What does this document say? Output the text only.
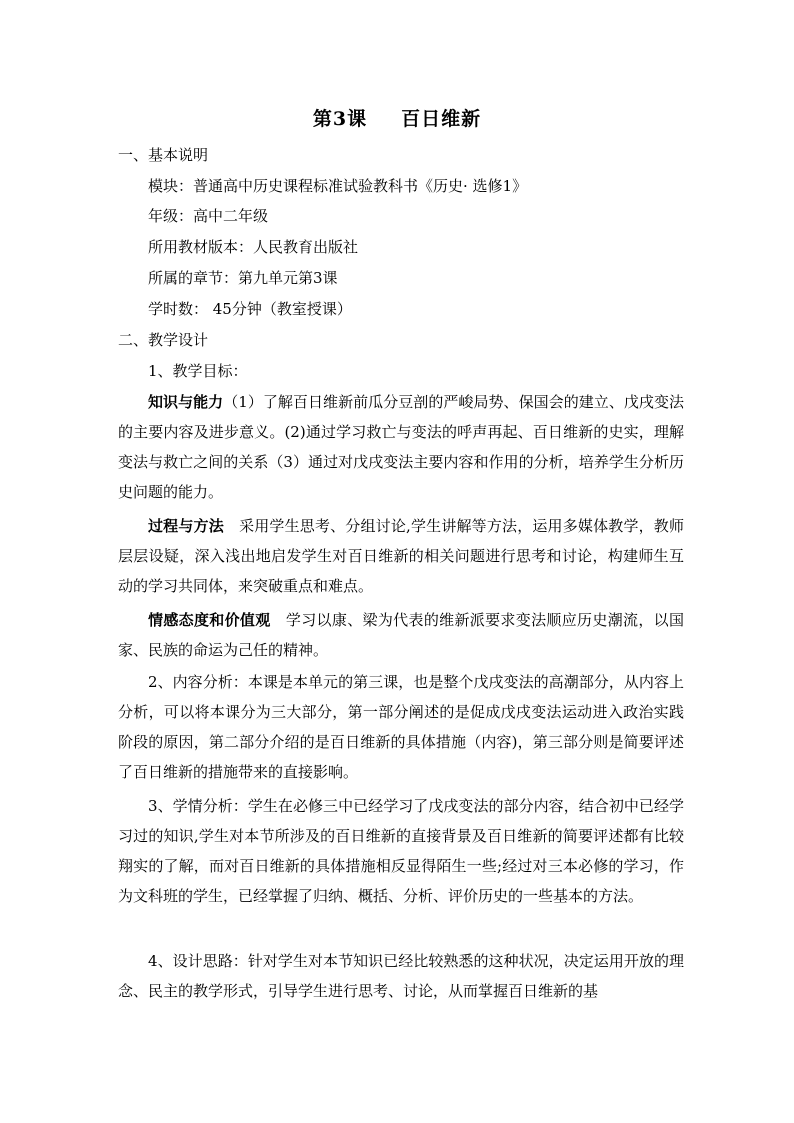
第3课 百日维新
一、基本说明
模块：普通高中历史课程标准试验教科书《历史· 选修1》
年级：高中二年级
所用教材版本：人民教育出版社
所属的章节：第九单元第3课
学时数： 45分钟（教室授课）
二、教学设计
1、教学目标：

知识与能力（1）了解百日维新前瓜分豆剖的严峻局势、保国会的建立、戊戌变法的主要内容及进步意义。(2)通过学习救亡与变法的呼声再起、百日维新的史实，理解变法与救亡之间的关系（3）通过对戊戌变法主要内容和作用的分析，培养学生分析历史问题的能力。

过程与方法　采用学生思考、分组讨论,学生讲解等方法，运用多媒体教学，教师层层设疑，深入浅出地启发学生对百日维新的相关问题进行思考和讨论，构建师生互动的学习共同体，来突破重点和难点。

情感态度和价值观　学习以康、梁为代表的维新派要求变法顺应历史潮流，以国家、民族的命运为己任的精神。

2、内容分析：本课是本单元的第三课，也是整个戊戌变法的高潮部分，从内容上分析，可以将本课分为三大部分，第一部分阐述的是促成戊戌变法运动进入政治实践阶段的原因，第二部分介绍的是百日维新的具体措施（内容)，第三部分则是简要评述了百日维新的措施带来的直接影响。

3、学情分析：学生在必修三中已经学习了戊戌变法的部分内容，结合初中已经学习过的知识,学生对本节所涉及的百日维新的直接背景及百日维新的简要评述都有比较翔实的了解，而对百日维新的具体措施相反显得陌生一些;经过对三本必修的学习，作为文科班的学生，已经掌握了归纳、概括、分析、评价历史的一些基本的方法。

4、设计思路：针对学生对本节知识已经比较熟悉的这种状况，决定运用开放的理念、民主的教学形式，引导学生进行思考、讨论，从而掌握百日维新的基
